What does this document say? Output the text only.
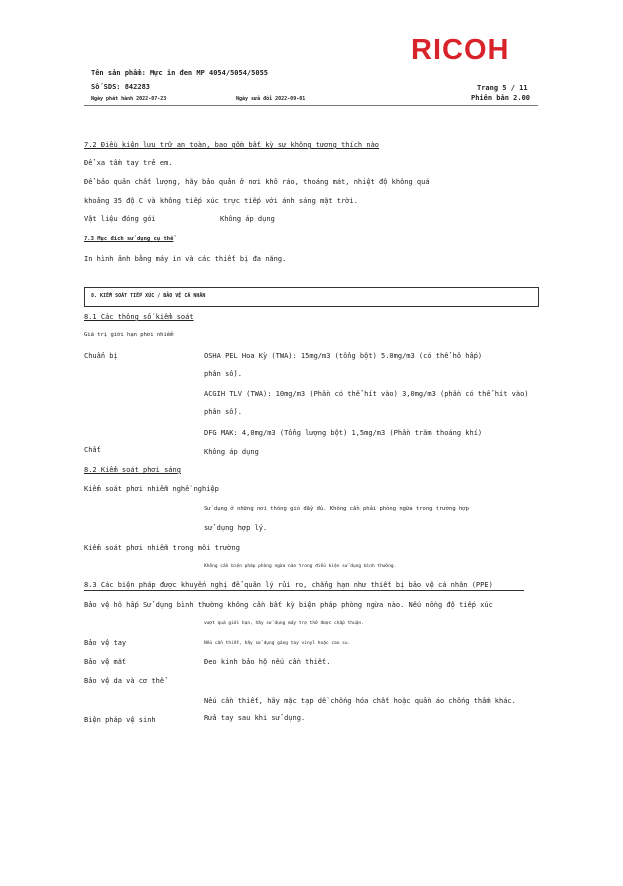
RICOH
Tên sản phẩm: Mực in đen MP 4054/5054/5055
Số SDS: 842283
Ngày phát hành 2022-07-23	Ngày sửa đổi 2022-09-01
Trang 5 / 11
Phiên bản 2.00
7.2 Điều kiện lưu trữ an toàn, bao gồm bất kỳ sự không tương thích nào
Để xa tầm tay trẻ em.
Để bảo quản chất lượng, hãy bảo quản ở nơi khô ráo, thoáng mát, nhiệt độ không quá
khoảng 35 độ C và không tiếp xúc trực tiếp với ánh sáng mặt trời.
Vật liệu đóng gói	Không áp dụng
7.3 Mục đích sử dụng cụ thể
In hình ảnh bằng máy in và các thiết bị đa năng.
8. KIỂM SOÁT TIẾP XÚC / BẢO VỆ CÁ NHÂN
8.1 Các thông số kiểm soát
Giá trị giới hạn phơi nhiễm
Chuẩn bị	OSHA PEL Hoa Kỳ (TWA): 15mg/m3 (tổng bột) 5.0mg/m3 (có thể hô hấp)
phân số).
ACGIH TLV (TWA): 10mg/m3 (Phần có thể hít vào) 3,0mg/m3 (phần có thể hít vào)
phân số).
DFG MAK: 4,0mg/m3 (Tổng lượng bột) 1,5mg/m3 (Phần trăm thoáng khí)
Chất	Không áp dụng
8.2 Kiểm soát phơi sáng
Kiểm soát phơi nhiễm nghề nghiệp
Sử dụng ở những nơi thông gió đầy đủ. Không cần phải phòng ngừa trong trường hợp
sử dụng hợp lý.
Kiểm soát phơi nhiễm trong môi trường
Không cần biện pháp phòng ngừa nào trong điều kiện sử dụng bình thường.
8.3 Các biện pháp được khuyến nghị để quản lý rủi ro, chẳng hạn như thiết bị bảo vệ cá nhân (PPE)
Bảo vệ hô hấp Sử dụng bình thường không cần bất kỳ biện pháp phòng ngừa nào. Nếu nồng độ tiếp xúc
vượt quá giới hạn, hãy sử dụng máy trợ thở được chấp thuận.
Bảo vệ tay	Nếu cần thiết, hãy sử dụng găng tay vinyl hoặc cao su.
Bảo vệ mắt	Đeo kính bảo hộ nếu cần thiết.
Bảo vệ da và cơ thể
Nếu cần thiết, hãy mặc tạp dề chống hóa chất hoặc quần áo chống thấm khác.
Biện pháp vệ sinh	Rửa tay sau khi sử dụng.
